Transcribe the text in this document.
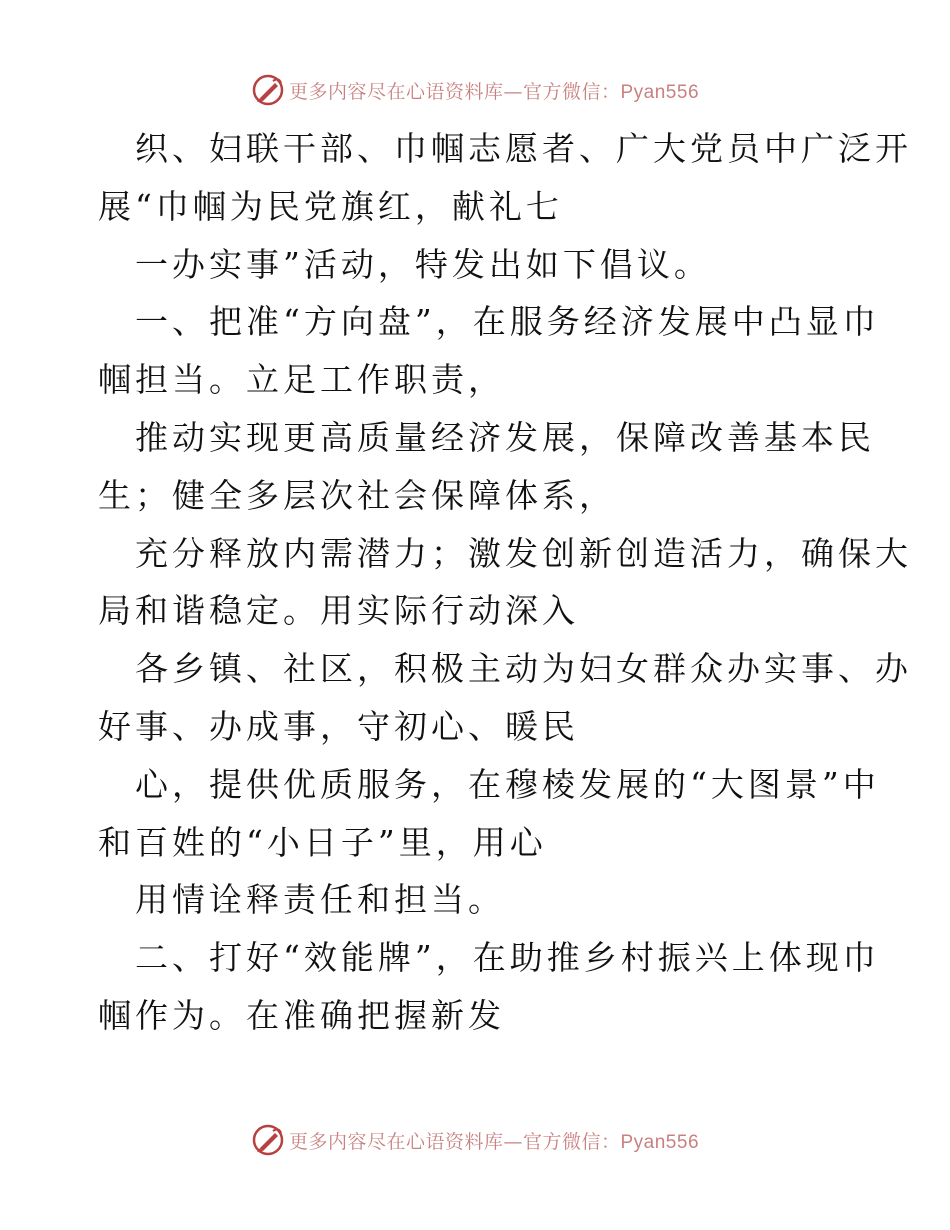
更多内容尽在心语资料库—官方微信：Pyan556
织、妇联干部、巾帼志愿者、广大党员中广泛开
展“巾帼为民党旗红，献礼七
一办实事”活动，特发出如下倡议。
一、把准“方向盘”，在服务经济发展中凸显巾
帼担当。立足工作职责，
推动实现更高质量经济发展，保障改善基本民
生；健全多层次社会保障体系，
充分释放内需潜力；激发创新创造活力，确保大
局和谐稳定。用实际行动深入
各乡镇、社区，积极主动为妇女群众办实事、办
好事、办成事，守初心、暖民
心，提供优质服务，在穆棱发展的“大图景”中
和百姓的“小日子”里，用心
用情诠释责任和担当。
二、打好“效能牌”，在助推乡村振兴上体现巾
帼作为。在准确把握新发
更多内容尽在心语资料库—官方微信：Pyan556
